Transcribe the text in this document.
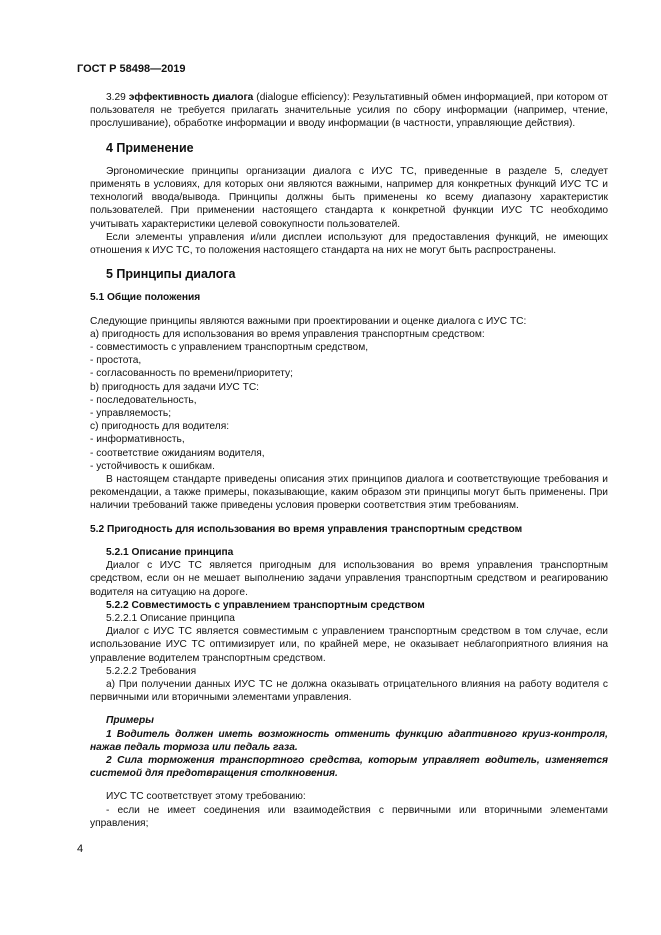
ГОСТ Р 58498—2019

3.29 эффективность диалога (dialogue efficiency): Результативный обмен информацией, при котором от пользователя не требуется прилагать значительные усилия по сбору информации (например, чтение, прослушивание), обработке информации и вводу информации (в частности, управляющие действия).

4 Применение

Эргономические принципы организации диалога с ИУС ТС, приведенные в разделе 5, следует применять в условиях, для которых они являются важными, например для конкретных функций ИУС ТС и технологий ввода/вывода. Принципы должны быть применены ко всему диапазону характеристик пользователей. При применении настоящего стандарта к конкретной функции ИУС ТС необходимо учитывать характеристики целевой совокупности пользователей.

Если элементы управления и/или дисплеи используют для предоставления функций, не имеющих отношения к ИУС ТС, то положения настоящего стандарта на них не могут быть распространены.

5 Принципы диалога

5.1 Общие положения

Следующие принципы являются важными при проектировании и оценке диалога с ИУС ТС:

а) пригодность для использования во время управления транспортным средством:

- совместимость с управлением транспортным средством,

- простота,

- согласованность по времени/приоритету;

b) пригодность для задачи ИУС ТС:

- последовательность,

- управляемость;

с) пригодность для водителя:

- информативность,

- соответствие ожиданиям водителя,

- устойчивость к ошибкам.

В настоящем стандарте приведены описания этих принципов диалога и соответствующие требования и рекомендации, а также примеры, показывающие, каким образом эти принципы могут быть применены. При наличии требований также приведены условия проверки соответствия этим требованиям.

5.2 Пригодность для использования во время управления транспортным средством

5.2.1 Описание принципа

Диалог с ИУС ТС является пригодным для использования во время управления транспортным средством, если он не мешает выполнению задачи управления транспортным средством и реагированию водителя на ситуацию на дороге.

5.2.2 Совместимость с управлением транспортным средством

5.2.2.1 Описание принципа

Диалог с ИУС ТС является совместимым с управлением транспортным средством в том случае, если использование ИУС ТС оптимизирует или, по крайней мере, не оказывает неблагоприятного влияния на управление водителем транспортным средством.

5.2.2.2 Требования

а) При получении данных ИУС ТС не должна оказывать отрицательного влияния на работу водителя с первичными или вторичными элементами управления.

Примеры

1 Водитель должен иметь возможность отменить функцию адаптивного круиз-контроля, нажав педаль тормоза или педаль газа.

2 Сила торможения транспортного средства, которым управляет водитель, изменяется системой для предотвращения столкновения.

ИУС ТС соответствует этому требованию:

- если не имеет соединения или взаимодействия с первичными или вторичными элементами управления;

4
